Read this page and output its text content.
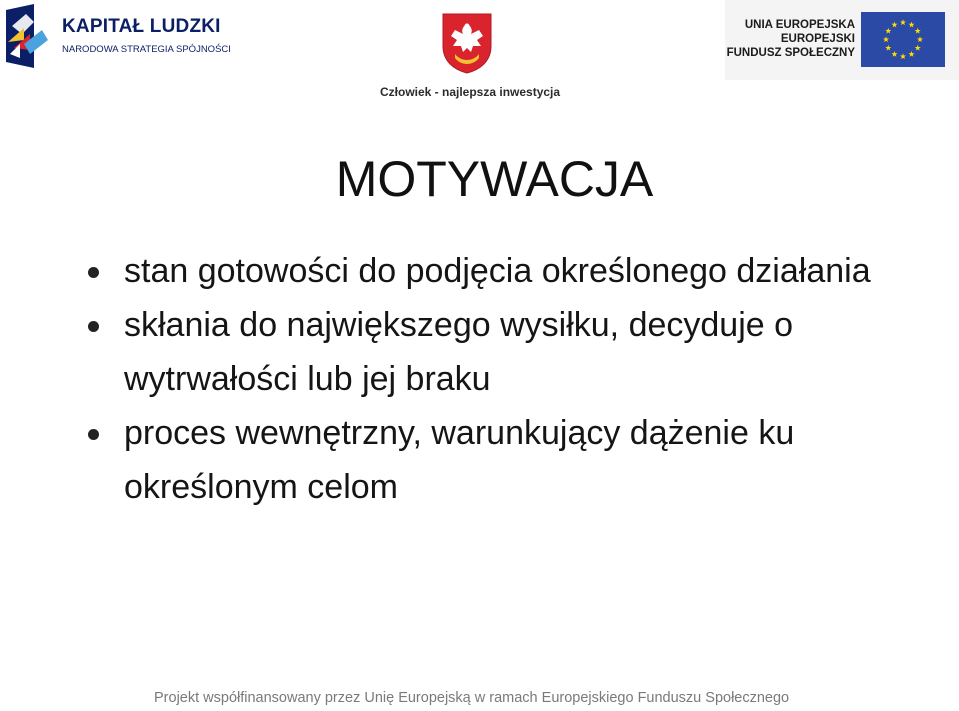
KAPITAŁ LUDZKI
NARODOWA STRATEGIA SPÓJNOŚCI
Człowiek - najlepsza inwestycja
UNIA EUROPEJSKA
EUROPEJSKI
FUNDUSZ SPOŁECZNY
MOTYWACJA
stan gotowości do podjęcia określonego działania
skłania do największego wysiłku, decyduje o wytrwałości lub jej braku
proces wewnętrzny, warunkujący dążenie ku określonym celom
Projekt współfinansowany przez Unię Europejską w ramach Europejskiego Funduszu Społecznego
